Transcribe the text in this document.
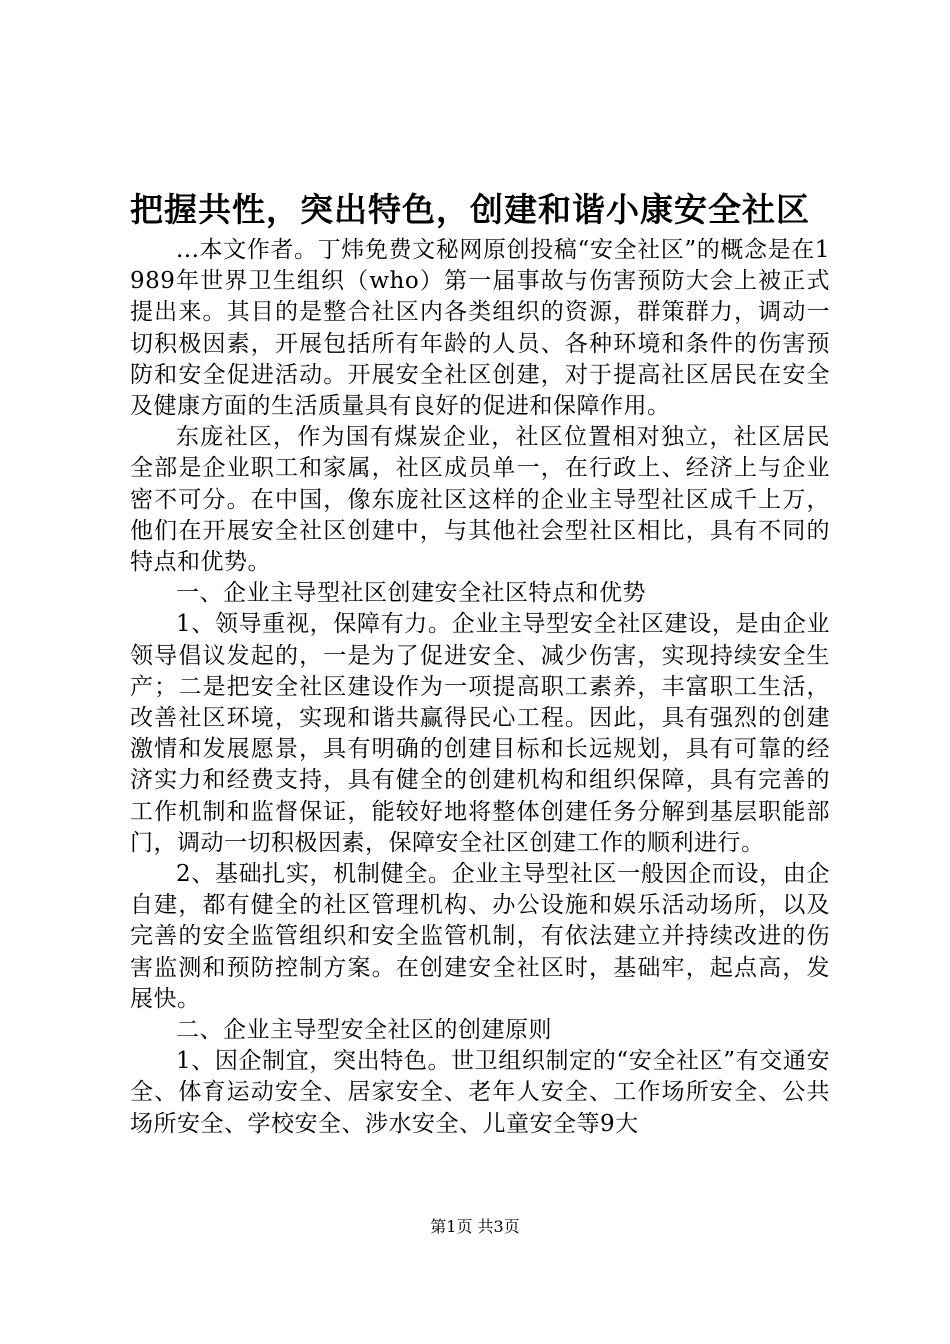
把握共性，突出特色，创建和谐小康安全社区

...本文作者。丁炜免费文秘网原创投稿“安全社区”的概念是在1989年世界卫生组织（who）第一届事故与伤害预防大会上被正式提出来。其目的是整合社区内各类组织的资源，群策群力，调动一切积极因素，开展包括所有年龄的人员、各种环境和条件的伤害预防和安全促进活动。开展安全社区创建，对于提高社区居民在安全及健康方面的生活质量具有良好的促进和保障作用。

东庞社区，作为国有煤炭企业，社区位置相对独立，社区居民全部是企业职工和家属，社区成员单一，在行政上、经济上与企业密不可分。在中国，像东庞社区这样的企业主导型社区成千上万，他们在开展安全社区创建中，与其他社会型社区相比，具有不同的特点和优势。

一、企业主导型社区创建安全社区特点和优势

1、领导重视，保障有力。企业主导型安全社区建设，是由企业领导倡议发起的，一是为了促进安全、减少伤害，实现持续安全生产；二是把安全社区建设作为一项提高职工素养，丰富职工生活，改善社区环境，实现和谐共赢得民心工程。因此，具有强烈的创建激情和发展愿景，具有明确的创建目标和长远规划，具有可靠的经济实力和经费支持，具有健全的创建机构和组织保障，具有完善的工作机制和监督保证，能较好地将整体创建任务分解到基层职能部门，调动一切积极因素，保障安全社区创建工作的顺利进行。

2、基础扎实，机制健全。企业主导型社区一般因企而设，由企自建，都有健全的社区管理机构、办公设施和娱乐活动场所，以及完善的安全监管组织和安全监管机制，有依法建立并持续改进的伤害监测和预防控制方案。在创建安全社区时，基础牢，起点高，发展快。

二、企业主导型安全社区的创建原则

1、因企制宜，突出特色。世卫组织制定的“安全社区”有交通安全、体育运动安全、居家安全、老年人安全、工作场所安全、公共场所安全、学校安全、涉水安全、儿童安全等9大

第1页 共3页
